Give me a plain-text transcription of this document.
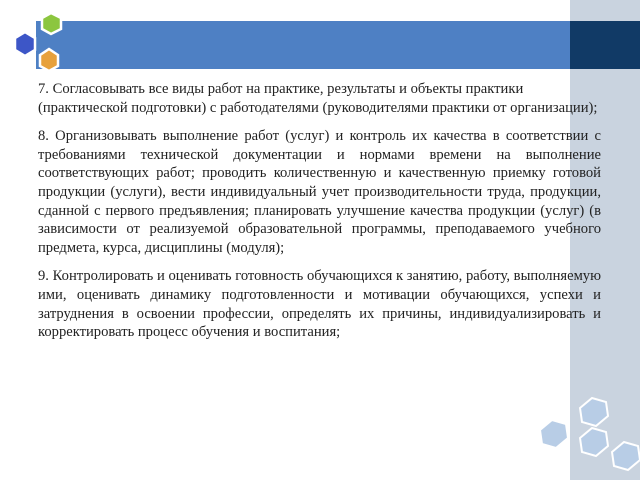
7. Согласовывать все виды работ на практике, результаты и объекты практики (практической подготовки) с работодателями (руководителями практики от организации);

8. Организовывать выполнение работ (услуг) и контроль их качества в соответствии с требованиями технической документации и нормами времени на выполнение соответствующих работ; проводить количественную и качественную приемку готовой продукции (услуги), вести индивидуальный учет производительности труда, продукции, сданной с первого предъявления; планировать улучшение качества продукции (услуг) (в зависимости от реализуемой образовательной программы, преподаваемого учебного предмета, курса, дисциплины (модуля);

9. Контролировать и оценивать готовность обучающихся к занятию, работу, выполняемую ими, оценивать динамику подготовленности и мотивации обучающихся, успехи и затруднения в освоении профессии, определять их причины, индивидуализировать и корректировать процесс обучения и воспитания;
